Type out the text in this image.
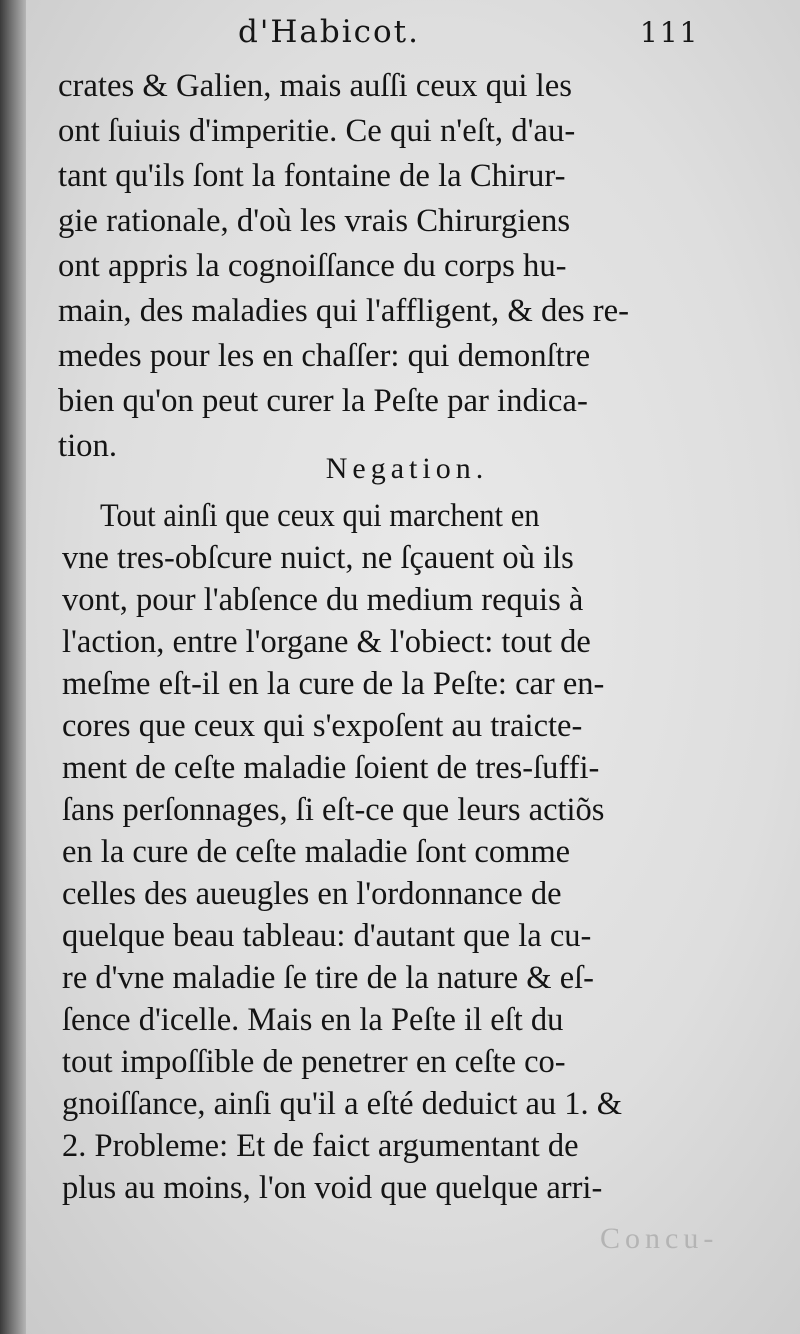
d'Habicot.	111
crates & Galien, mais auſſi ceux qui les
ont ſuiuis d'imperitie. Ce qui n'eſt, d'au-
tant qu'ils ſont la fontaine de la Chirur-
gie rationale, d'où les vrais Chirurgiens
ont appris la cognoiſſance du corps hu-
main, des maladies qui l'affligent, & des re-
medes pour les en chaſſer: qui demonſtre
bien qu'on peut curer la Peſte par indica-
tion.
Negation.
Tout ainſi que ceux qui marchent en
vne tres-obſcure nuict, ne ſçauent où ils
vont, pour l'abſence du medium requis à
l'action, entre l'organe & l'obiect: tout de
meſme eſt-il en la cure de la Peſte: car en-
cores que ceux qui s'expoſent au traicte-
ment de ceſte maladie ſoient de tres-ſuffi-
ſans perſonnages, ſi eſt-ce que leurs actiõs
en la cure de ceſte maladie ſont comme
celles des aueugles en l'ordonnance de
quelque beau tableau: d'autant que la cu-
re d'vne maladie ſe tire de la nature & eſ-
ſence d'icelle. Mais en la Peſte il eſt du
tout impoſſible de penetrer en ceſte co-
gnoiſſance, ainſi qu'il a eſté deduict au 1. &
2. Probleme: Et de faict argumentant de
plus au moins, l'on void que quelque arri-
Concu-
